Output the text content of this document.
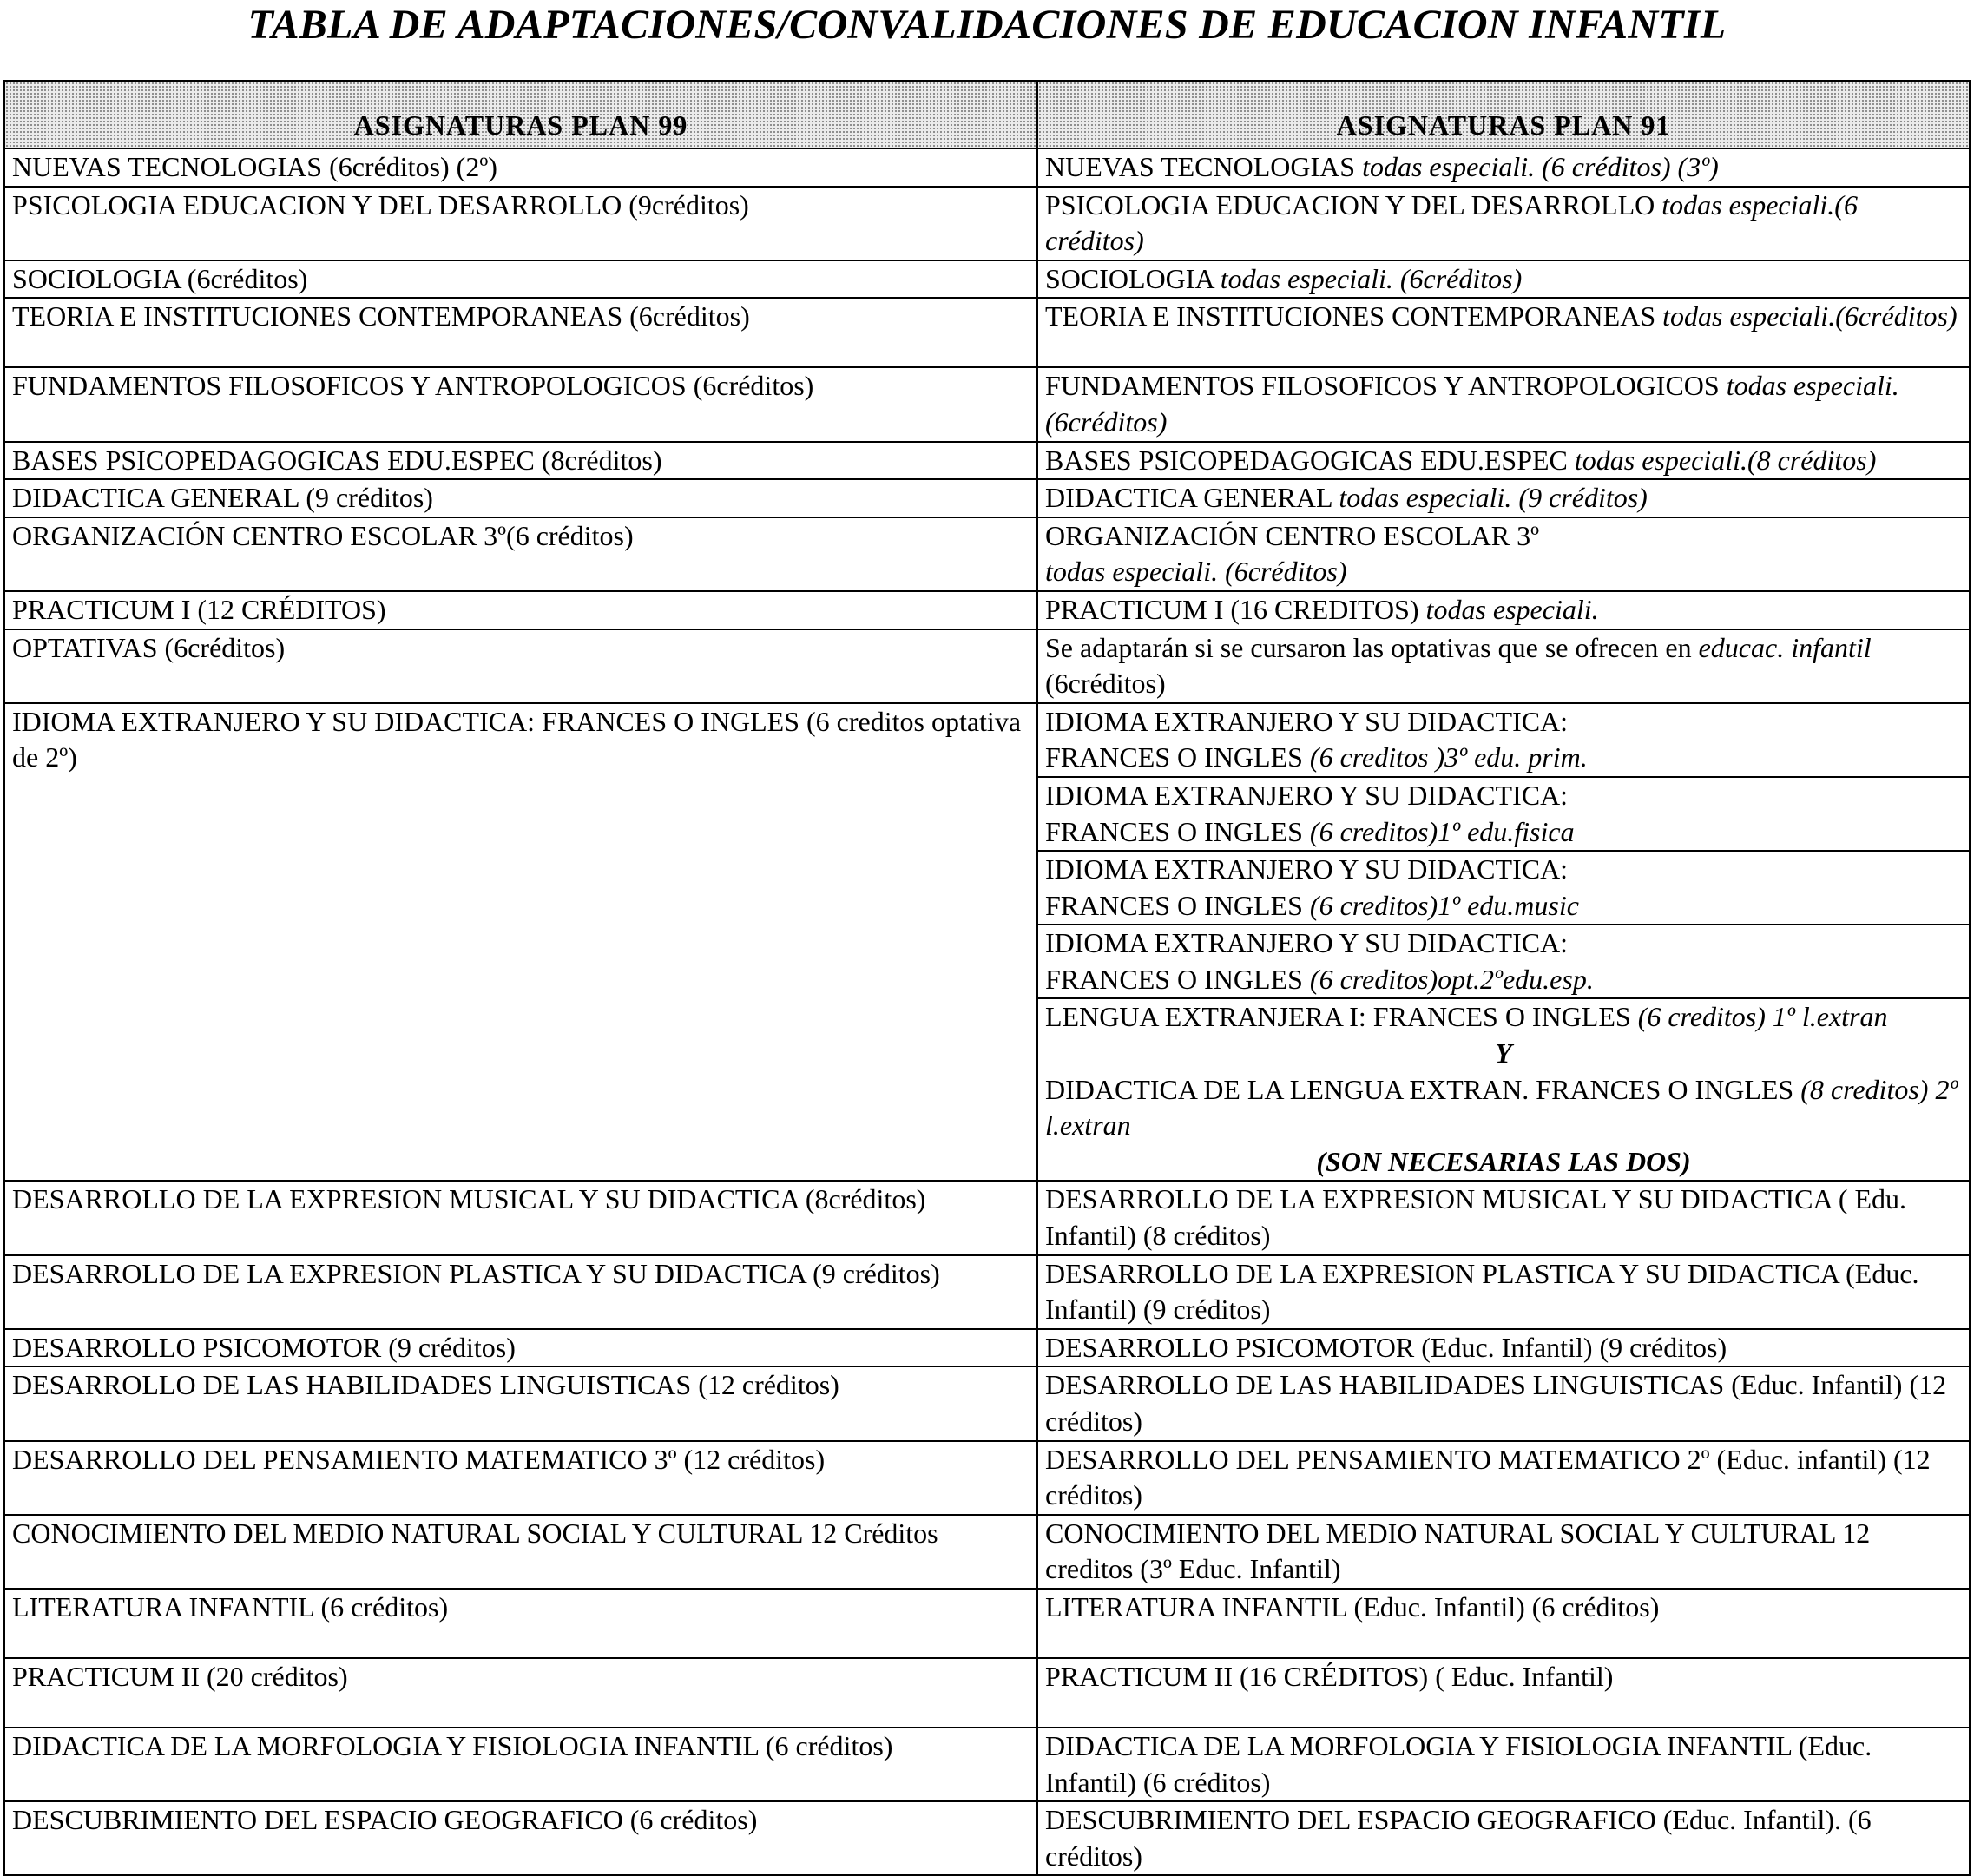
TABLA DE ADAPTACIONES/CONVALIDACIONES DE EDUCACION INFANTIL
ASIGNATURAS PLAN 99	ASIGNATURAS PLAN 91
NUEVAS TECNOLOGIAS (6créditos) (2º)	NUEVAS TECNOLOGIAS todas especiali. (6 créditos) (3º)
PSICOLOGIA EDUCACION Y DEL DESARROLLO (9créditos)	PSICOLOGIA EDUCACION Y DEL DESARROLLO todas especiali.(6 créditos)
SOCIOLOGIA (6créditos)	SOCIOLOGIA todas especiali. (6créditos)
TEORIA E INSTITUCIONES CONTEMPORANEAS (6créditos)	TEORIA E INSTITUCIONES CONTEMPORANEAS todas especiali.(6créditos)
FUNDAMENTOS FILOSOFICOS Y ANTROPOLOGICOS (6créditos)	FUNDAMENTOS FILOSOFICOS Y ANTROPOLOGICOS todas especiali. (6créditos)
BASES PSICOPEDAGOGICAS EDU.ESPEC (8créditos)	BASES PSICOPEDAGOGICAS EDU.ESPEC todas especiali.(8 créditos)
DIDACTICA GENERAL (9 créditos)	DIDACTICA GENERAL todas especiali. (9 créditos)
ORGANIZACIÓN CENTRO ESCOLAR 3º(6 créditos)	ORGANIZACIÓN CENTRO ESCOLAR 3º
todas especiali. (6créditos)
PRACTICUM I (12 CRÉDITOS)	PRACTICUM I (16 CREDITOS) todas especiali.
OPTATIVAS (6créditos)	Se adaptarán si se cursaron las optativas que se ofrecen en educac. infantil (6créditos)
IDIOMA EXTRANJERO Y SU DIDACTICA: FRANCES O INGLES (6 creditos optativa de 2º)	IDIOMA EXTRANJERO Y SU DIDACTICA:
FRANCES O INGLES (6 creditos )3º edu. prim.

	IDIOMA EXTRANJERO Y SU DIDACTICA:
FRANCES O INGLES (6 creditos)1º edu.fisica

	IDIOMA EXTRANJERO Y SU DIDACTICA:
FRANCES O INGLES (6 creditos)1º edu.music

	IDIOMA EXTRANJERO Y SU DIDACTICA:
FRANCES O INGLES (6 creditos)opt.2ºedu.esp.
	LENGUA EXTRANJERA I: FRANCES O INGLES (6 creditos) 1º l.extran
Y
DIDACTICA DE LA LENGUA EXTRAN. FRANCES O INGLES (8 creditos) 2º l.extran
(SON NECESARIAS LAS DOS)

DESARROLLO DE LA EXPRESION MUSICAL Y SU DIDACTICA (8créditos)	DESARROLLO DE LA EXPRESION MUSICAL Y SU DIDACTICA ( Edu. Infantil) (8 créditos)
DESARROLLO DE LA EXPRESION PLASTICA Y SU DIDACTICA (9 créditos)	DESARROLLO DE LA EXPRESION PLASTICA Y SU DIDACTICA (Educ. Infantil) (9 créditos)
DESARROLLO PSICOMOTOR (9 créditos)	DESARROLLO PSICOMOTOR (Educ. Infantil) (9 créditos)
DESARROLLO DE LAS HABILIDADES LINGUISTICAS (12 créditos)	DESARROLLO DE LAS HABILIDADES LINGUISTICAS (Educ. Infantil) (12 créditos)
DESARROLLO DEL PENSAMIENTO MATEMATICO 3º (12 créditos)	DESARROLLO DEL PENSAMIENTO MATEMATICO 2º (Educ. infantil) (12 créditos)
CONOCIMIENTO DEL MEDIO NATURAL SOCIAL Y CULTURAL 12 Créditos	CONOCIMIENTO DEL MEDIO NATURAL SOCIAL Y CULTURAL 12 creditos (3º Educ. Infantil)
LITERATURA INFANTIL (6 créditos)	LITERATURA INFANTIL (Educ. Infantil) (6 créditos)
PRACTICUM II (20 créditos)	PRACTICUM II (16 CRÉDITOS) ( Educ. Infantil)
DIDACTICA DE LA MORFOLOGIA Y FISIOLOGIA INFANTIL (6 créditos)	DIDACTICA DE LA MORFOLOGIA Y FISIOLOGIA INFANTIL (Educ. Infantil) (6 créditos)
DESCUBRIMIENTO DEL ESPACIO GEOGRAFICO (6 créditos)	DESCUBRIMIENTO DEL ESPACIO GEOGRAFICO (Educ. Infantil). (6 créditos)
